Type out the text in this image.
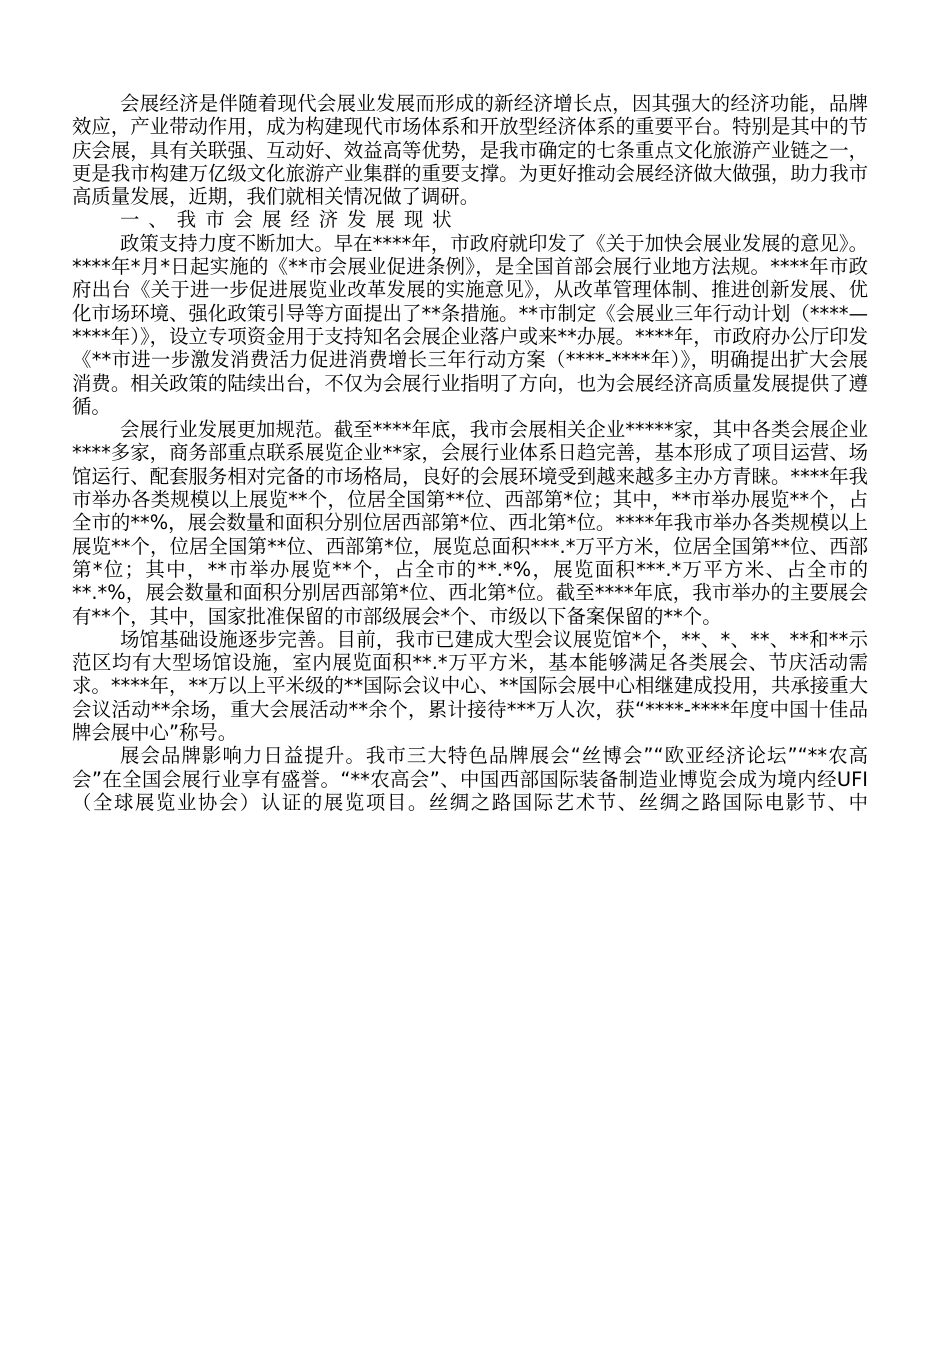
会展经济是伴随着现代会展业发展而形成的新经济增长点，因其强大的经济功能，品牌效应，产业带动作用，成为构建现代市场体系和开放型经济体系的重要平台。特别是其中的节庆会展，具有关联强、互动好、效益高等优势，是我市确定的七条重点文化旅游产业链之一，更是我市构建万亿级文化旅游产业集群的重要支撑。为更好推动会展经济做大做强，助力我市高质量发展，近期，我们就相关情况做了调研。

一、我市会展经济发展现状

政策支持力度不断加大。早在****年，市政府就印发了《关于加快会展业发展的意见》。****年*月*日起实施的《**市会展业促进条例》，是全国首部会展行业地方法规。****年市政府出台《关于进一步促进展览业改革发展的实施意见》，从改革管理体制、推进创新发展、优化市场环境、强化政策引导等方面提出了**条措施。**市制定《会展业三年行动计划（****—****年）》，设立专项资金用于支持知名会展企业落户或来**办展。****年，市政府办公厅印发《**市进一步激发消费活力促进消费增长三年行动方案（****-****年）》，明确提出扩大会展消费。相关政策的陆续出台，不仅为会展行业指明了方向，也为会展经济高质量发展提供了遵循。

会展行业发展更加规范。截至****年底，我市会展相关企业*****家，其中各类会展企业****多家，商务部重点联系展览企业**家，会展行业体系日趋完善，基本形成了项目运营、场馆运行、配套服务相对完备的市场格局，良好的会展环境受到越来越多主办方青睐。****年我市举办各类规模以上展览**个，位居全国第**位、西部第*位；其中，**市举办展览**个，占全市的**%，展会数量和面积分别位居西部第*位、西北第*位。****年我市举办各类规模以上展览**个，位居全国第**位、西部第*位，展览总面积***.*万平方米，位居全国第**位、西部第*位；其中，**市举办展览**个，占全市的**.*%，展览面积***.*万平方米、占全市的**.*%，展会数量和面积分别居西部第*位、西北第*位。截至****年底，我市举办的主要展会有**个，其中，国家批准保留的市部级展会*个、市级以下备案保留的**个。

场馆基础设施逐步完善。目前，我市已建成大型会议展览馆*个，**、*、**、**和**示范区均有大型场馆设施，室内展览面积**.*万平方米，基本能够满足各类展会、节庆活动需求。****年，**万以上平米级的**国际会议中心、**国际会展中心相继建成投用，共承接重大会议活动**余场，重大会展活动**余个，累计接待***万人次，获“****-****年度中国十佳品牌会展中心”称号。

展会品牌影响力日益提升。我市三大特色品牌展会“丝博会”“欧亚经济论坛”“**农高会”在全国会展行业享有盛誉。“**农高会”、中国西部国际装备制造业博览会成为境内经UFI（全球展览业协会）认证的展览项目。丝绸之路国际艺术节、丝绸之路国际电影节、中
